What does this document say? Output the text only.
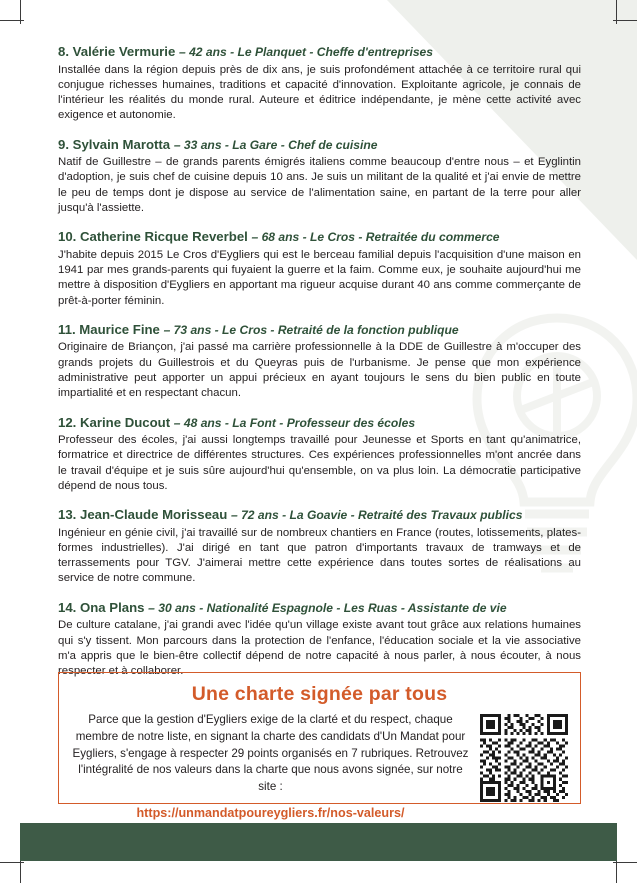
8. Valérie Vermurie – 42 ans - Le Planquet - Cheffe d'entreprises
Installée dans la région depuis près de dix ans, je suis profondément attachée à ce territoire rural qui conjugue richesses humaines, traditions et capacité d'innovation. Exploitante agricole, je connais de l'intérieur les réalités du monde rural. Auteure et éditrice indépendante, je mène cette activité avec exigence et autonomie.
9. Sylvain Marotta – 33 ans - La Gare - Chef de cuisine
Natif de Guillestre – de grands parents émigrés italiens comme beaucoup d'entre nous – et Eyglintin d'adoption, je suis chef de cuisine depuis 10 ans. Je suis un militant de la qualité et j'ai envie de mettre le peu de temps dont je dispose au service de l'alimentation saine, en partant de la terre pour aller jusqu'à l'assiette.
10. Catherine Ricque Reverbel – 68 ans - Le Cros - Retraitée du commerce
J'habite depuis 2015 Le Cros d'Eygliers qui est le berceau familial depuis l'acquisition d'une maison en 1941 par mes grands-parents qui fuyaient la guerre et la faim. Comme eux, je souhaite aujourd'hui me mettre à disposition d'Eygliers en apportant ma rigueur acquise durant 40 ans comme commerçante de prêt-à-porter féminin.
11. Maurice Fine – 73 ans - Le Cros - Retraité de la fonction publique
Originaire de Briançon, j'ai passé ma carrière professionnelle à la DDE de Guillestre à m'occuper des grands projets du Guillestrois et du Queyras puis de l'urbanisme. Je pense que mon expérience administrative peut apporter un appui précieux en ayant toujours le sens du bien public en toute impartialité et en respectant chacun.
12. Karine Ducout – 48 ans - La Font - Professeur des écoles
Professeur des écoles, j'ai aussi longtemps travaillé pour Jeunesse et Sports en tant qu'animatrice, formatrice et directrice de différentes structures. Ces expériences professionnelles m'ont ancrée dans le travail d'équipe et je suis sûre aujourd'hui qu'ensemble, on va plus loin. La démocratie participative dépend de nous tous.
13. Jean-Claude Morisseau – 72 ans - La Goavie - Retraité des Travaux publics
Ingénieur en génie civil, j'ai travaillé sur de nombreux chantiers en France (routes, lotissements, plates-formes industrielles). J'ai dirigé en tant que patron d'importants travaux de tramways et de terrassements pour TGV. J'aimerai mettre cette expérience dans toutes sortes de réalisations au service de notre commune.
14. Ona Plans – 30 ans - Nationalité Espagnole - Les Ruas - Assistante de vie
De culture catalane, j'ai grandi avec l'idée qu'un village existe avant tout grâce aux relations humaines qui s'y tissent. Mon parcours dans la protection de l'enfance, l'éducation sociale et la vie associative m'a appris que le bien-être collectif dépend de notre capacité à nous parler, à nous écouter, à nous respecter et à collaborer.
Une charte signée par tous
Parce que la gestion d'Eygliers exige de la clarté et du respect, chaque membre de notre liste, en signant la charte des candidats d'Un Mandat pour Eygliers, s'engage à respecter 29 points organisés en 7 rubriques. Retrouvez l'intégralité de nos valeurs dans la charte que nous avons signée, sur notre site :
https://unmandatpoureygliers.fr/nos-valeurs/
